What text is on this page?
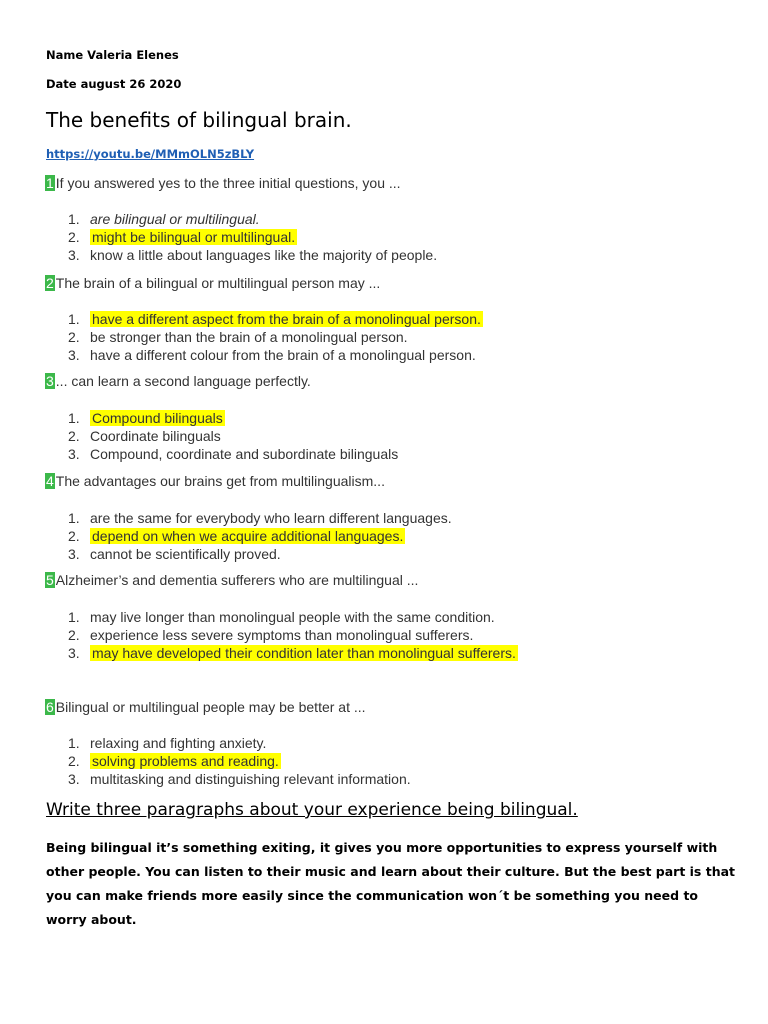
Name Valeria Elenes
Date august 26 2020
The benefits of bilingual brain.
https://youtu.be/MMmOLN5zBLY
1 If you answered yes to the three initial questions, you ...
1. are bilingual or multilingual.
2. might be bilingual or multilingual.
3. know a little about languages like the majority of people.
2 The brain of a bilingual or multilingual person may ...
1. have a different aspect from the brain of a monolingual person.
2. be stronger than the brain of a monolingual person.
3. have a different colour from the brain of a monolingual person.
3 ... can learn a second language perfectly.
1. Compound bilinguals
2. Coordinate bilinguals
3. Compound, coordinate and subordinate bilinguals
4 The advantages our brains get from multilingualism...
1. are the same for everybody who learn different languages.
2. depend on when we acquire additional languages.
3. cannot be scientifically proved.
5 Alzheimer’s and dementia sufferers who are multilingual ...
1. may live longer than monolingual people with the same condition.
2. experience less severe symptoms than monolingual sufferers.
3. may have developed their condition later than monolingual sufferers.
6 Bilingual or multilingual people may be better at ...
1. relaxing and fighting anxiety.
2. solving problems and reading.
3. multitasking and distinguishing relevant information.
Write three paragraphs about your experience being bilingual.

Being bilingual it’s something exiting, it gives you more opportunities to express yourself with other people. You can listen to their music and learn about their culture. But the best part is that you can make friends more easily since the communication won´t be something you need to worry about.
